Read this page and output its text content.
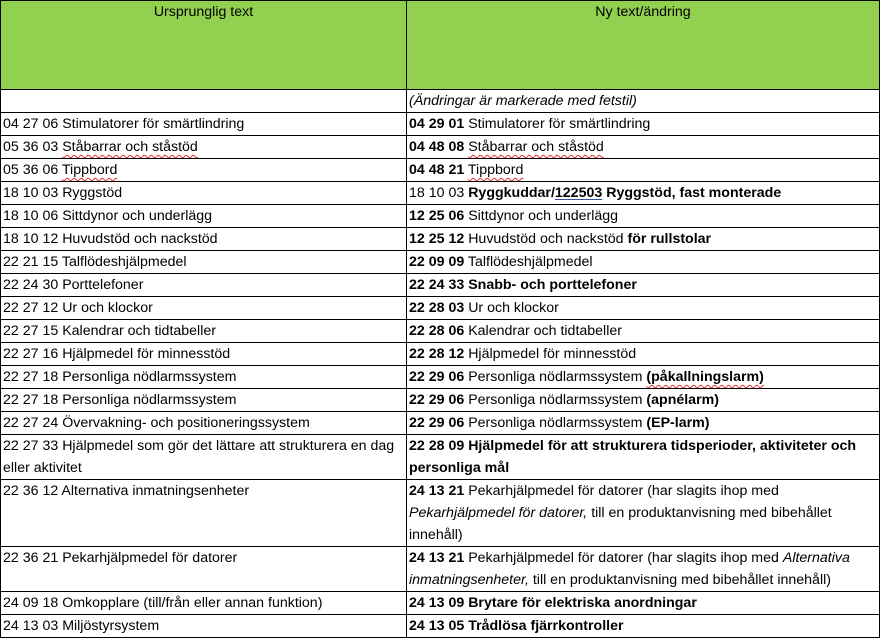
Ursprunglig text	Ny text/ändring
	(Ändringar är markerade med fetstil)
04 27 06 Stimulatorer för smärtlindring	04 29 01 Stimulatorer för smärtlindring
05 36 03 Ståbarrar och ståstöd	04 48 08 Ståbarrar och ståstöd
05 36 06 Tippbord	04 48 21 Tippbord
18 10 03 Ryggstöd	18 10 03 Ryggkuddar/122503 Ryggstöd, fast monterade
18 10 06 Sittdynor och underlägg	12 25 06 Sittdynor och underlägg
18 10 12 Huvudstöd och nackstöd	12 25 12 Huvudstöd och nackstöd för rullstolar
22 21 15 Talflödeshjälpmedel	22 09 09 Talflödeshjälpmedel
22 24 30 Porttelefoner	22 24 33 Snabb- och porttelefoner
22 27 12 Ur och klockor	22 28 03 Ur och klockor
22 27 15 Kalendrar och tidtabeller	22 28 06 Kalendrar och tidtabeller
22 27 16 Hjälpmedel för minnesstöd	22 28 12 Hjälpmedel för minnesstöd
22 27 18 Personliga nödlarmssystem	22 29 06 Personliga nödlarmssystem (påkallningslarm)
22 27 18 Personliga nödlarmssystem	22 29 06 Personliga nödlarmssystem (apnélarm)
22 27 24 Övervakning- och positioneringssystem	22 29 06 Personliga nödlarmssystem (EP-larm)
22 27 33 Hjälpmedel som gör det lättare att strukturera en dag eller aktivitet	22 28 09 Hjälpmedel för att strukturera tidsperioder, aktiviteter och personliga mål
22 36 12 Alternativa inmatningsenheter	24 13 21 Pekarhjälpmedel för datorer (har slagits ihop med Pekarhjälpmedel för datorer, till en produktanvisning med bibehållet innehåll)
22 36 21 Pekarhjälpmedel för datorer	24 13 21 Pekarhjälpmedel för datorer (har slagits ihop med Alternativa inmatningsenheter, till en produktanvisning med bibehållet innehåll)
24 09 18 Omkopplare (till/från eller annan funktion)	24 13 09 Brytare för elektriska anordningar
24 13 03 Miljöstyrsystem	24 13 05 Trådlösa fjärrkontroller
